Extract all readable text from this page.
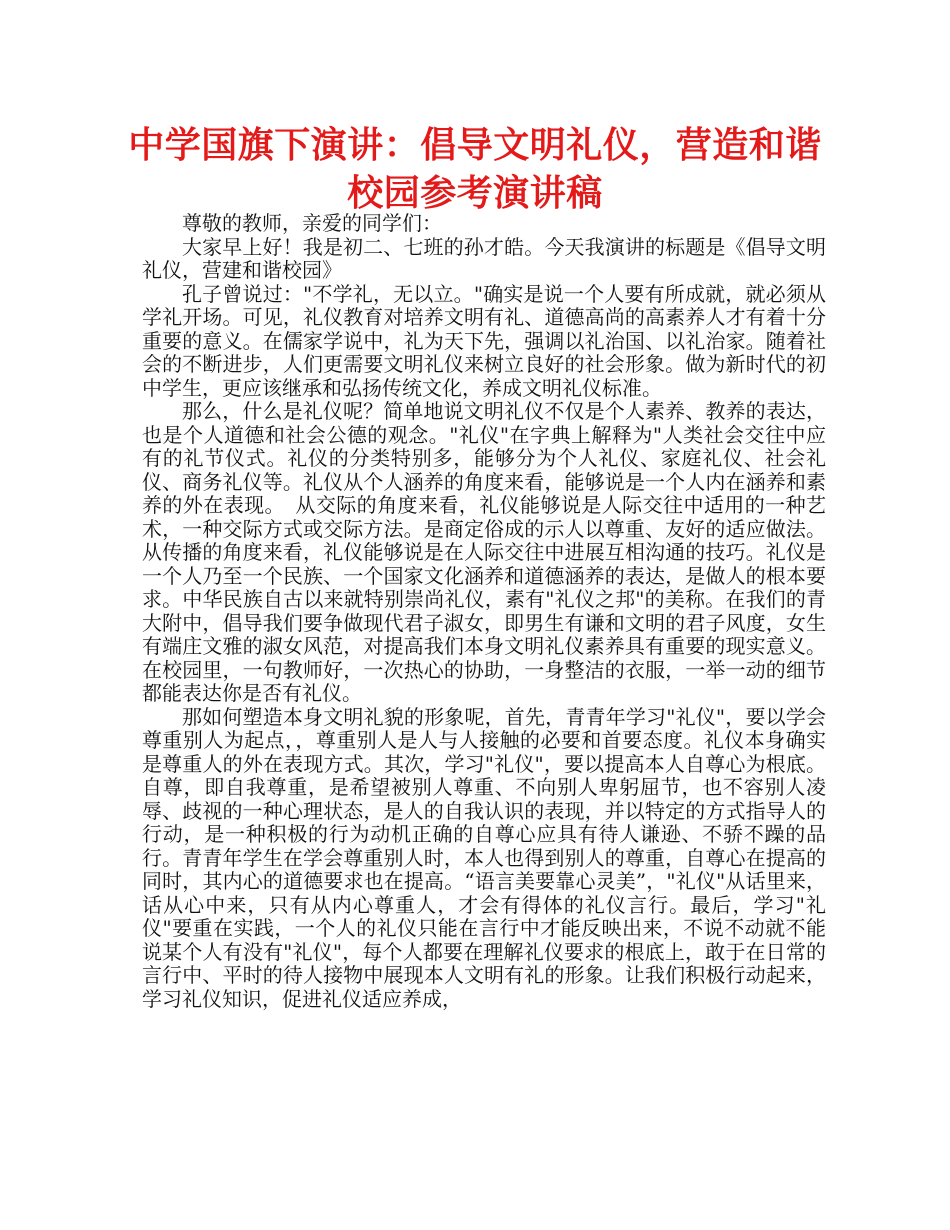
中学国旗下演讲：倡导文明礼仪，营造和谐校园参考演讲稿

尊敬的教师，亲爱的同学们：

大家早上好！我是初二、七班的孙才皓。今天我演讲的标题是《倡导文明礼仪，营建和谐校园》

孔子曾说过："不学礼，无以立。"确实是说一个人要有所成就，就必须从学礼开场。可见，礼仪教育对培养文明有礼、道德高尚的高素养人才有着十分重要的意义。在儒家学说中，礼为天下先，强调以礼治国、以礼治家。随着社会的不断进步，人们更需要文明礼仪来树立良好的社会形象。做为新时代的初中学生，更应该继承和弘扬传统文化，养成文明礼仪标准。

那么，什么是礼仪呢？简单地说文明礼仪不仅是个人素养、教养的表达，也是个人道德和社会公德的观念。"礼仪"在字典上解释为"人类社会交往中应有的礼节仪式。礼仪的分类特别多，能够分为个人礼仪、家庭礼仪、社会礼仪、商务礼仪等。礼仪从个人涵养的角度来看，能够说是一个人内在涵养和素养的外在表现。　从交际的角度来看，礼仪能够说是人际交往中适用的一种艺术，一种交际方式或交际方法。是商定俗成的示人以尊重、友好的适应做法。从传播的角度来看，礼仪能够说是在人际交往中进展互相沟通的技巧。礼仪是一个人乃至一个民族、一个国家文化涵养和道德涵养的表达，是做人的根本要求。中华民族自古以来就特别崇尚礼仪，素有"礼仪之邦"的美称。在我们的青大附中，倡导我们要争做现代君子淑女，即男生有谦和文明的君子风度，女生有端庄文雅的淑女风范，对提高我们本身文明礼仪素养具有重要的现实意义。在校园里，一句教师好，一次热心的协助，一身整洁的衣服，一举一动的细节都能表达你是否有礼仪。

那如何塑造本身文明礼貌的形象呢，首先，青青年学习"礼仪"，要以学会尊重别人为起点，，尊重别人是人与人接触的必要和首要态度。礼仪本身确实是尊重人的外在表现方式。其次，学习"礼仪"，要以提高本人自尊心为根底。自尊，即自我尊重，是希望被别人尊重、不向别人卑躬屈节，也不容别人凌辱、歧视的一种心理状态，是人的自我认识的表现，并以特定的方式指导人的行动，是一种积极的行为动机正确的自尊心应具有待人谦逊、不骄不躁的品行。青青年学生在学会尊重别人时，本人也得到别人的尊重，自尊心在提高的同时，其内心的道德要求也在提高。“语言美要靠心灵美”，"礼仪"从话里来，话从心中来，只有从内心尊重人，才会有得体的礼仪言行。最后，学习"礼仪"要重在实践，一个人的礼仪只能在言行中才能反映出来，不说不动就不能说某个人有没有"礼仪"，每个人都要在理解礼仪要求的根底上，敢于在日常的言行中、平时的待人接物中展现本人文明有礼的形象。让我们积极行动起来，学习礼仪知识，促进礼仪适应养成，
